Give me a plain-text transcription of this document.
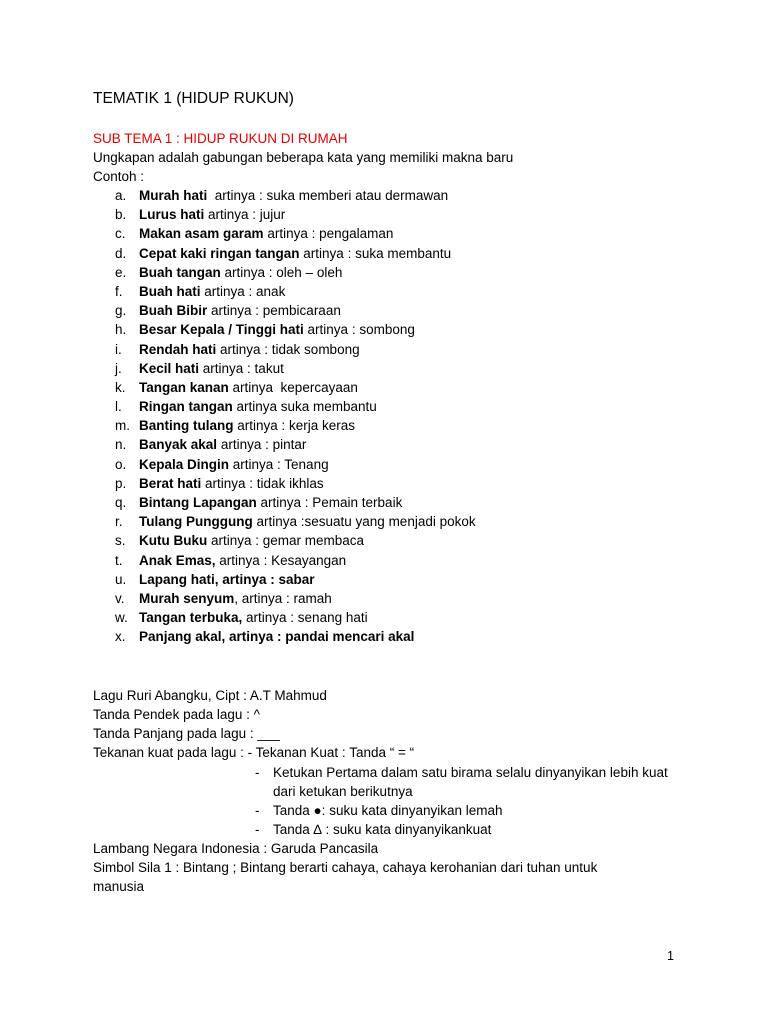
TEMATIK 1 (HIDUP RUKUN)
SUB TEMA 1 : HIDUP RUKUN DI RUMAH
Ungkapan adalah gabungan beberapa kata yang memiliki makna baru
Contoh :
a. Murah hati  artinya : suka memberi atau dermawan
b. Lurus hati artinya : jujur
c. Makan asam garam artinya : pengalaman
d. Cepat kaki ringan tangan artinya : suka membantu
e. Buah tangan artinya : oleh – oleh
f. Buah hati artinya : anak
g. Buah Bibir artinya : pembicaraan
h. Besar Kepala / Tinggi hati artinya : sombong
i. Rendah hati artinya : tidak sombong
j. Kecil hati artinya : takut
k. Tangan kanan artinya  kepercayaan
l. Ringan tangan artinya suka membantu
m. Banting tulang artinya : kerja keras
n. Banyak akal artinya : pintar
o. Kepala Dingin artinya : Tenang
p. Berat hati artinya : tidak ikhlas
q. Bintang Lapangan artinya : Pemain terbaik
r. Tulang Punggung artinya :sesuatu yang menjadi pokok
s. Kutu Buku artinya : gemar membaca
t. Anak Emas, artinya : Kesayangan
u. Lapang hati, artinya : sabar
v. Murah senyum, artinya : ramah
w. Tangan terbuka, artinya : senang hati
x. Panjang akal, artinya : pandai mencari akal
Lagu Ruri Abangku, Cipt : A.T Mahmud
Tanda Pendek pada lagu : ^
Tanda Panjang pada lagu : ___
Tekanan kuat pada lagu : - Tekanan Kuat : Tanda “ = “
- Ketukan Pertama dalam satu birama selalu dinyanyikan lebih kuat dari ketukan berikutnya
- Tanda ●: suku kata dinyanyikan lemah
- Tanda ∆ : suku kata dinyanyikankuat
Lambang Negara Indonesia : Garuda Pancasila
Simbol Sila 1 : Bintang ; Bintang berarti cahaya, cahaya kerohanian dari tuhan untuk manusia
1
